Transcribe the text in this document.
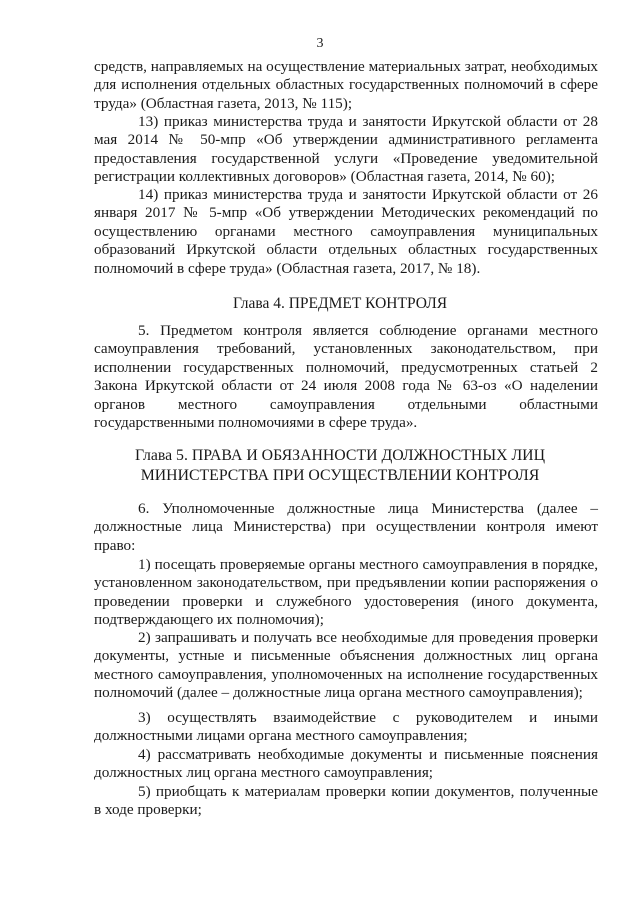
3

средств, направляемых на осуществление материальных затрат, необходимых для исполнения отдельных областных государственных полномочий в сфере труда» (Областная газета, 2013, № 115);

13) приказ министерства труда и занятости Иркутской области от 28 мая 2014 № 50-мпр «Об утверждении административного регламента предоставления государственной услуги «Проведение уведомительной регистрации коллективных договоров» (Областная газета, 2014, № 60);

14) приказ министерства труда и занятости Иркутской области от 26 января 2017 № 5-мпр «Об утверждении Методических рекомендаций по осуществлению органами местного самоуправления муниципальных образований Иркутской области отдельных областных государственных полномочий в сфере труда» (Областная газета, 2017, № 18).

Глава 4. ПРЕДМЕТ КОНТРОЛЯ

5. Предметом контроля является соблюдение органами местного самоуправления требований, установленных законодательством, при исполнении государственных полномочий, предусмотренных статьей 2 Закона Иркутской области от 24 июля 2008 года № 63-оз «О наделении органов местного самоуправления отдельными областными государственными полномочиями в сфере труда».

Глава 5. ПРАВА И ОБЯЗАННОСТИ ДОЛЖНОСТНЫХ ЛИЦ МИНИСТЕРСТВА ПРИ ОСУЩЕСТВЛЕНИИ КОНТРОЛЯ

6. Уполномоченные должностные лица Министерства (далее – должностные лица Министерства) при осуществлении контроля имеют право:

1) посещать проверяемые органы местного самоуправления в порядке, установленном законодательством, при предъявлении копии распоряжения о проведении проверки и служебного удостоверения (иного документа, подтверждающего их полномочия);

2) запрашивать и получать все необходимые для проведения проверки документы, устные и письменные объяснения должностных лиц органа местного самоуправления, уполномоченных на исполнение государственных полномочий (далее – должностные лица органа местного самоуправления);

3) осуществлять взаимодействие с руководителем и иными должностными лицами органа местного самоуправления;

4) рассматривать необходимые документы и письменные пояснения должностных лиц органа местного самоуправления;

5) приобщать к материалам проверки копии документов, полученные в ходе проверки;
